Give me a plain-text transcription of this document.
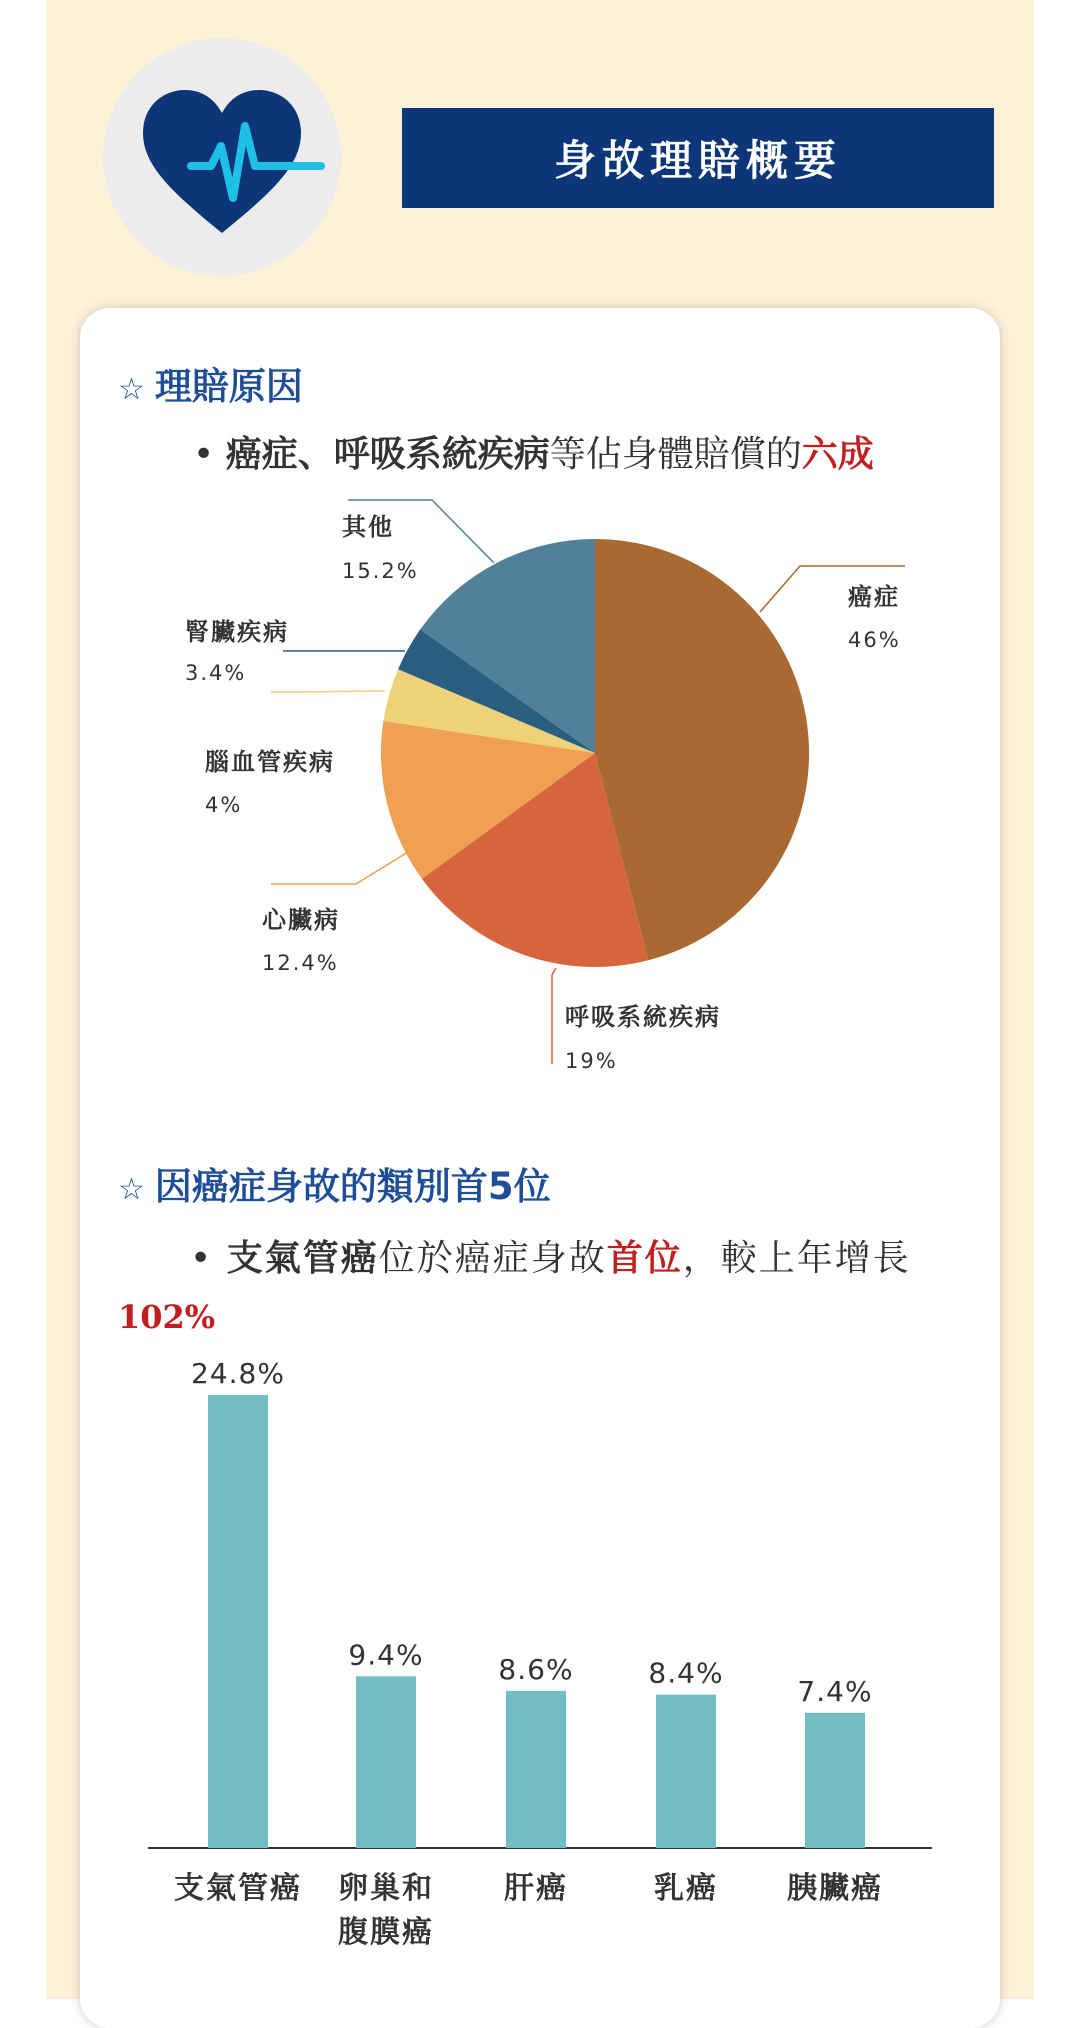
身故理賠概要
☆ 理賠原因
• 癌症、呼吸系統疾病等佔身體賠償的六成
☆ 因癌症身故的類別首5位
• 支氣管癌位於癌症身故首位，較上年增長
102%
癌症
46%
呼吸系統疾病
19%
心臟病
12.4%
腦血管疾病
4%
腎臟疾病
3.4%
其他
15.2%
24.8%
支氣管癌
9.4%
卵巢和
腹膜癌
8.6%
肝癌
8.4%
乳癌
7.4%
胰臟癌
